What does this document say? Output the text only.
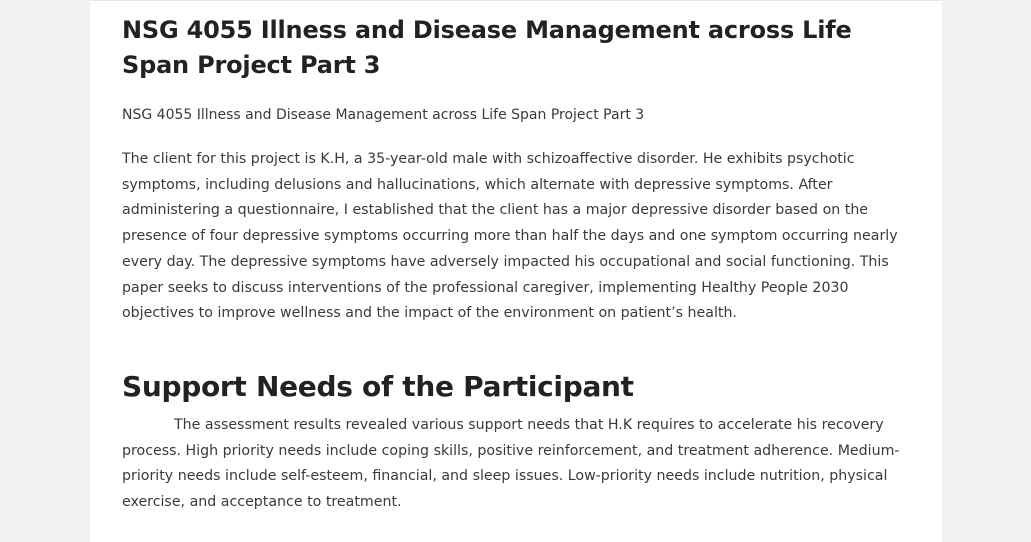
NSG 4055 Illness and Disease Management across Life Span Project Part 3

NSG 4055 Illness and Disease Management across Life Span Project Part 3

The client for this project is K.H, a 35-year-old male with schizoaffective disorder. He exhibits psychotic symptoms, including delusions and hallucinations, which alternate with depressive symptoms. After administering a questionnaire, I established that the client has a major depressive disorder based on the presence of four depressive symptoms occurring more than half the days and one symptom occurring nearly every day. The depressive symptoms have adversely impacted his occupational and social functioning. This paper seeks to discuss interventions of the professional caregiver, implementing Healthy People 2030 objectives to improve wellness and the impact of the environment on patient’s health.

Support Needs of the Participant

The assessment results revealed various support needs that H.K requires to accelerate his recovery process. High priority needs include coping skills, positive reinforcement, and treatment adherence. Medium-priority needs include self-esteem, financial, and sleep issues. Low-priority needs include nutrition, physical exercise, and acceptance to treatment.
